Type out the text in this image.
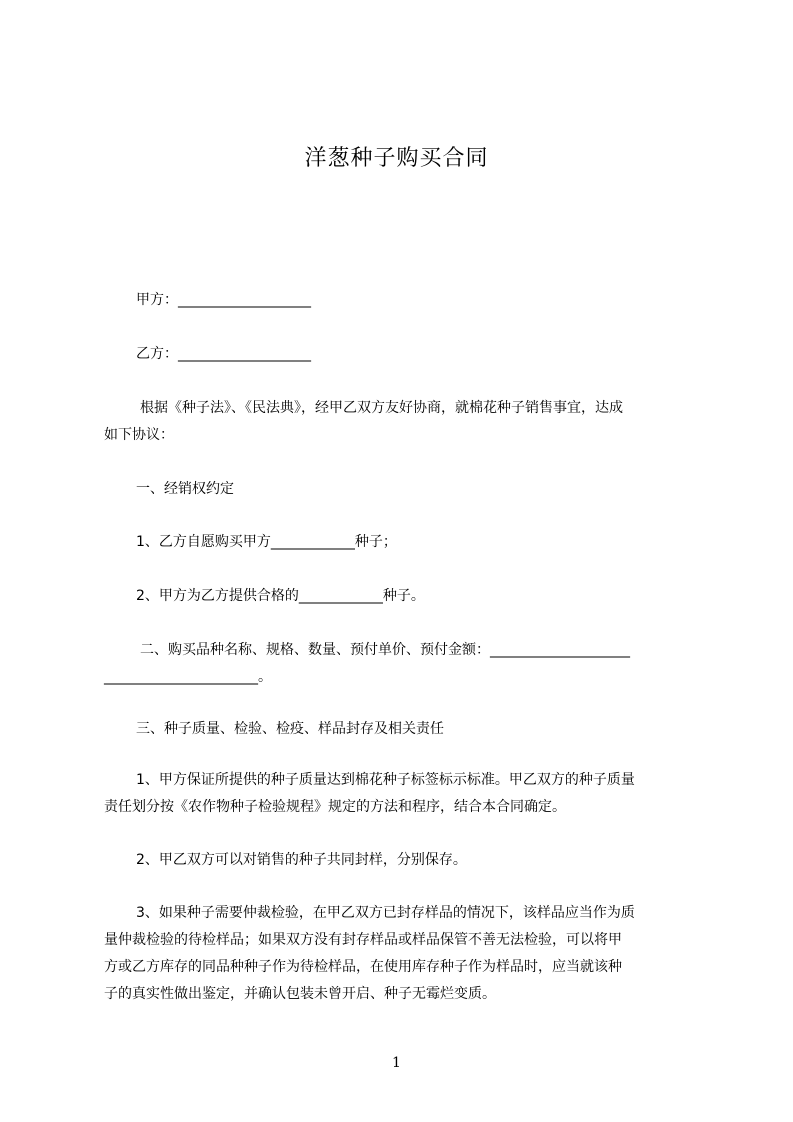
洋葱种子购买合同
甲方：___________________
乙方：___________________
根据《种子法》、《民法典》，经甲乙双方友好协商，就棉花种子销售事宜，达成
如下协议：
一、经销权约定
1、乙方自愿购买甲方____________种子；
2、甲方为乙方提供合格的____________种子。
二、购买品种名称、规格、数量、预付单价、预付金额：____________________
______________________。
三、种子质量、检验、检疫、样品封存及相关责任
1、甲方保证所提供的种子质量达到棉花种子标签标示标准。甲乙双方的种子质量
责任划分按《农作物种子检验规程》规定的方法和程序，结合本合同确定。
2、甲乙双方可以对销售的种子共同封样，分别保存。
3、如果种子需要仲裁检验，在甲乙双方已封存样品的情况下，该样品应当作为质
量仲裁检验的待检样品；如果双方没有封存样品或样品保管不善无法检验，可以将甲
方或乙方库存的同品种种子作为待检样品，在使用库存种子作为样品时，应当就该种
子的真实性做出鉴定，并确认包装未曾开启、种子无霉烂变质。
1
